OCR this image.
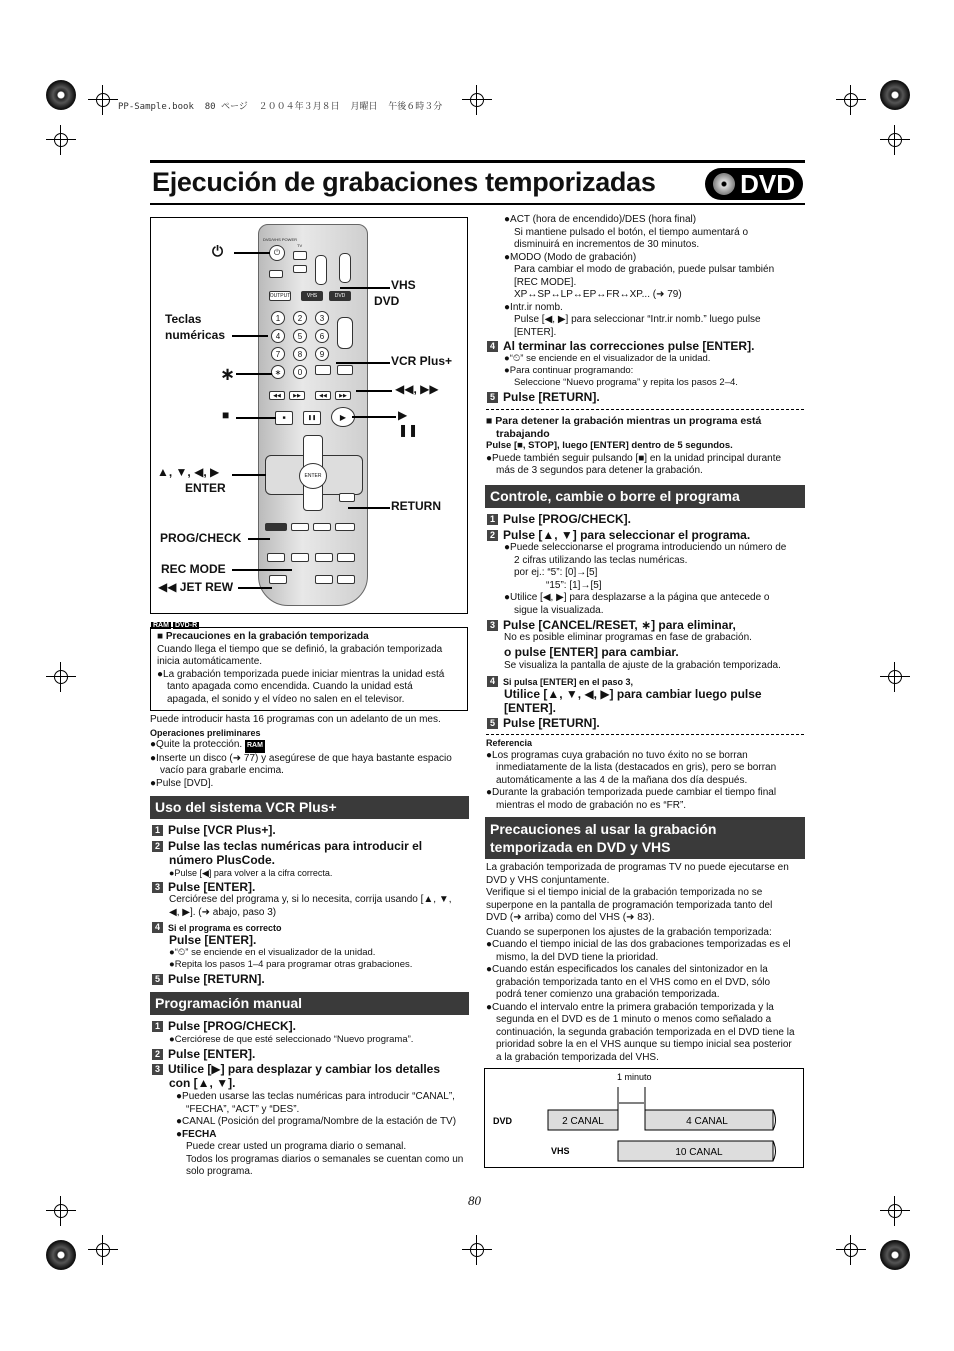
PP-Sample.book  80 ページ  ２００４年３月８日  月曜日  午後６時３分
Ejecución de grabaciones temporizadas	DVD
DVD/VHS POWER
TV
⏻
OUTPUT	VHS	DVD
1	2	3
4	5	6
7	8	9
∗	0
◀◀	▶▶	◀◀	▶▶
■	❚❚	▶
ENTER
⏻
VHS
DVD
Teclas
numéricas
VCR Plus+
∗
◀◀, ▶▶
■	▶
❚❚
▲, ▼, ◀, ▶
ENTER
RETURN
PROG/CHECK
REC MODE
◀◀ JET REW
RAM DVD-R

■ Precauciones en la grabación temporizada

Cuando llega el tiempo que se definió, la grabación temporizada

inicia automáticamente.

●La grabación temporizada puede iniciar mientras la unidad está

tanto apagada como encendida. Cuando la unidad está

apagada, el sonido y el vídeo no salen en el televisor.

Puede introducir hasta 16 programas con un adelanto de un mes.

Operaciones preliminares

●Quite la protección. RAM

●Inserte un disco (➜ 77) y asegúrese de que haya bastante espacio

vacío para grabarle encima.

●Pulse [DVD].

Uso del sistema VCR Plus+
1 Pulse [VCR Plus+].
2 Pulse las teclas numéricas para introducir el
número PlusCode.
●Pulse [◀] para volver a la cifra correcta.
3 Pulse [ENTER].

Cerciórese del programa y, si lo necesita, corrija usando [▲, ▼,

◀, ▶]. (➜ abajo, paso 3)

4 Si el programa es correcto
Pulse [ENTER].

●“⏲” se enciende en el visualizador de la unidad.

●Repita los pasos 1–4 para programar otras grabaciones.

5 Pulse [RETURN].
Programación manual
1 Pulse [PROG/CHECK].
●Cerciórese de que esté seleccionado “Nuevo programa”.
2 Pulse [ENTER].
3 Utilice [▶] para desplazar y cambiar los detalles
con [▲, ▼].

●Pueden usarse las teclas numéricas para introducir “CANAL”,

“FECHA”, “ACT” y “DES”.

●CANAL (Posición del programa/Nombre de la estación de TV)

●FECHA

Puede crear usted un programa diario o semanal.

Todos los programas diarios o semanales se cuentan como un

solo programa.

●ACT (hora de encendido)/DES (hora final)

Si mantiene pulsado el botón, el tiempo aumentará o

disminuirá en incrementos de 30 minutos.

●MODO (Modo de grabación)

Para cambiar el modo de grabación, puede pulsar también

[REC MODE].

XP↔SP↔LP↔EP↔FR↔XP... (➜ 79)

●Intr.ir nomb.

Pulse [◀, ▶] para seleccionar “Intr.ir nomb.” luego pulse

[ENTER].

4 Al terminar las correcciones pulse [ENTER].

●“⏲” se enciende en el visualizador de la unidad.

●Para continuar programando:

Seleccione “Nuevo programa” y repita los pasos 2–4.

5 Pulse [RETURN].

■ Para detener la grabación mientras un programa está

trabajando

Pulse [■, STOP], luego [ENTER] dentro de 5 segundos.

●Puede también seguir pulsando [■] en la unidad principal durante

más de 3 segundos para detener la grabación.

Controle, cambie o borre el programa
1 Pulse [PROG/CHECK].
2 Pulse [▲, ▼] para seleccionar el programa.

●Puede seleccionarse el programa introduciendo un número de

2 cifras utilizando las teclas numéricas.

por ej.: “5”: [0]→[5]

“15”: [1]→[5]

●Utilice [◀, ▶] para desplazarse a la página que antecede o

sigue la visualizada.

3 Pulse [CANCEL/RESET, ∗] para eliminar,
No es posible eliminar programas en fase de grabación.
o pulse [ENTER] para cambiar.
Se visualiza la pantalla de ajuste de la grabación temporizada.
4 Si pulsa [ENTER] en el paso 3,
Utilice [▲, ▼, ◀, ▶] para cambiar luego pulse
[ENTER].
5 Pulse [RETURN].

Referencia

●Los programas cuya grabación no tuvo éxito no se borran

inmediatamente de la lista (destacados en gris), pero se borran

automáticamente a las 4 de la mañana dos día después.

●Durante la grabación temporizada puede cambiar el tiempo final

mientras el modo de grabación no es “FR”.

Precauciones al usar la grabación
temporizada en DVD y VHS

La grabación temporizada de programas TV no puede ejecutarse en

DVD y VHS conjuntamente.

Verifique si el tiempo inicial de la grabación temporizada no se

superpone en la pantalla de programación temporizada tanto del

DVD (➜ arriba) como del VHS (➜ 83).

Cuando se superponen los ajustes de la grabación temporizada:

●Cuando el tiempo inicial de las dos grabaciones temporizadas es el

mismo, la del DVD tiene la prioridad.

●Cuando están especificados los canales del sintonizador en la

grabación temporizada tanto en el VHS como en el DVD, sólo

podrá tener comienzo una grabación temporizada.

●Cuando el intervalo entre la primera grabación temporizada y la

segunda en el DVD es de 1 minuto o menos como señalado a

continuación, la segunda grabación temporizada en el DVD tiene la

prioridad sobre la en el VHS aunque su tiempo inicial sea posterior

a la grabación temporizada del VHS.

1 minuto
DVD	2 CANAL	4 CANAL
VHS	10 CANAL
80
